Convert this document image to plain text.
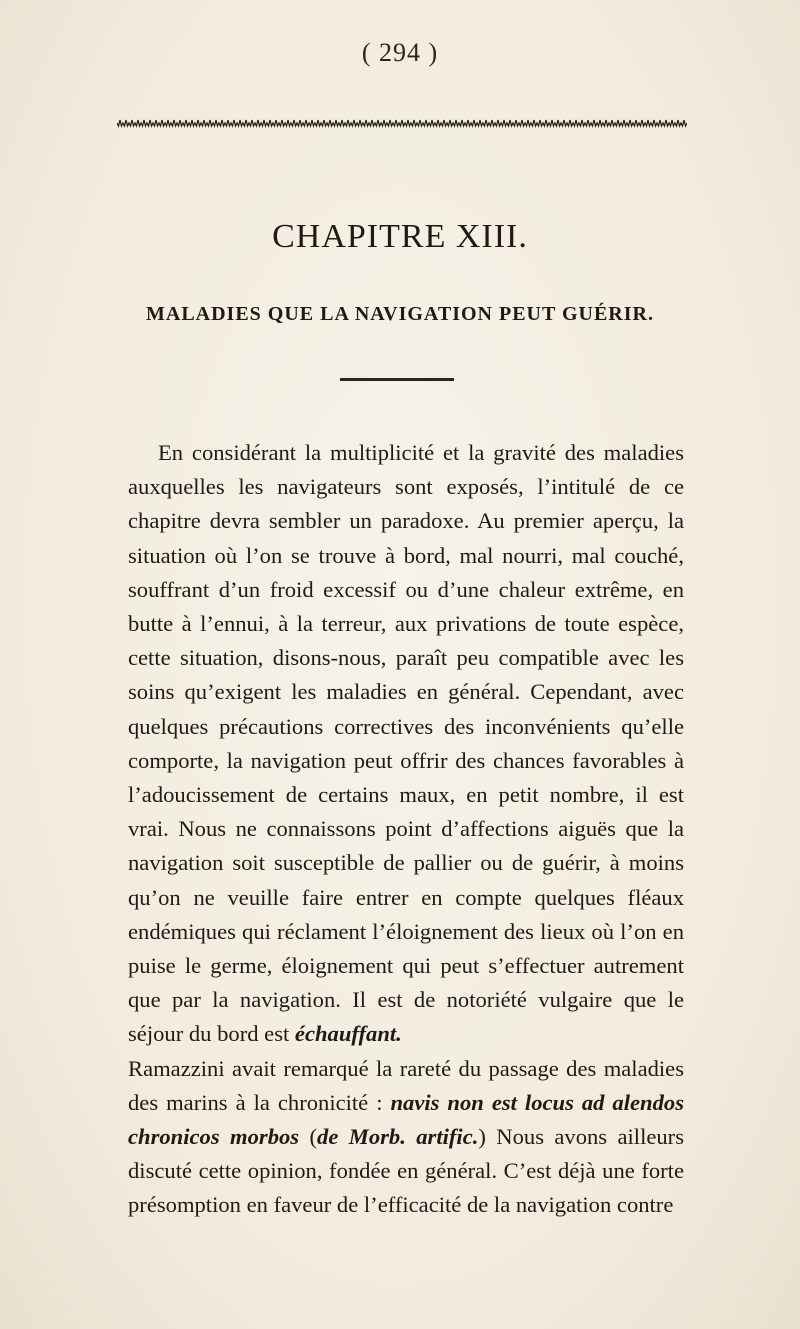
( 294 )
CHAPITRE XIII.
MALADIES QUE LA NAVIGATION PEUT GUÉRIR.

En considérant la multiplicité et la gravité des maladies auxquelles les navigateurs sont exposés, l’intitulé de ce chapitre devra sembler un paradoxe. Au premier aperçu, la situation où l’on se trouve à bord, mal nourri, mal couché, souffrant d’un froid excessif ou d’une chaleur extrême, en butte à l’ennui, à la terreur, aux privations de toute espèce, cette situation, disons-nous, paraît peu compatible avec les soins qu’exigent les maladies en général. Cependant, avec quelques précautions correctives des inconvénients qu’elle comporte, la navigation peut offrir des chances favorables à l’adoucissement de certains maux, en petit nombre, il est vrai. Nous ne connaissons point d’affections aiguës que la navigation soit susceptible de pallier ou de guérir, à moins qu’on ne veuille faire entrer en compte quelques fléaux endémiques qui réclament l’éloignement des lieux où l’on en puise le germe, éloignement qui peut s’effectuer autrement que par la navigation. Il est de notoriété vulgaire que le séjour du bord est échauffant.

Ramazzini avait remarqué la rareté du passage des maladies des marins à la chronicité : navis non est locus ad alendos chronicos morbos (de Morb. artific.) Nous avons ailleurs discuté cette opinion, fondée en général. C’est déjà une forte présomption en faveur de l’efficacité de la navigation contre
